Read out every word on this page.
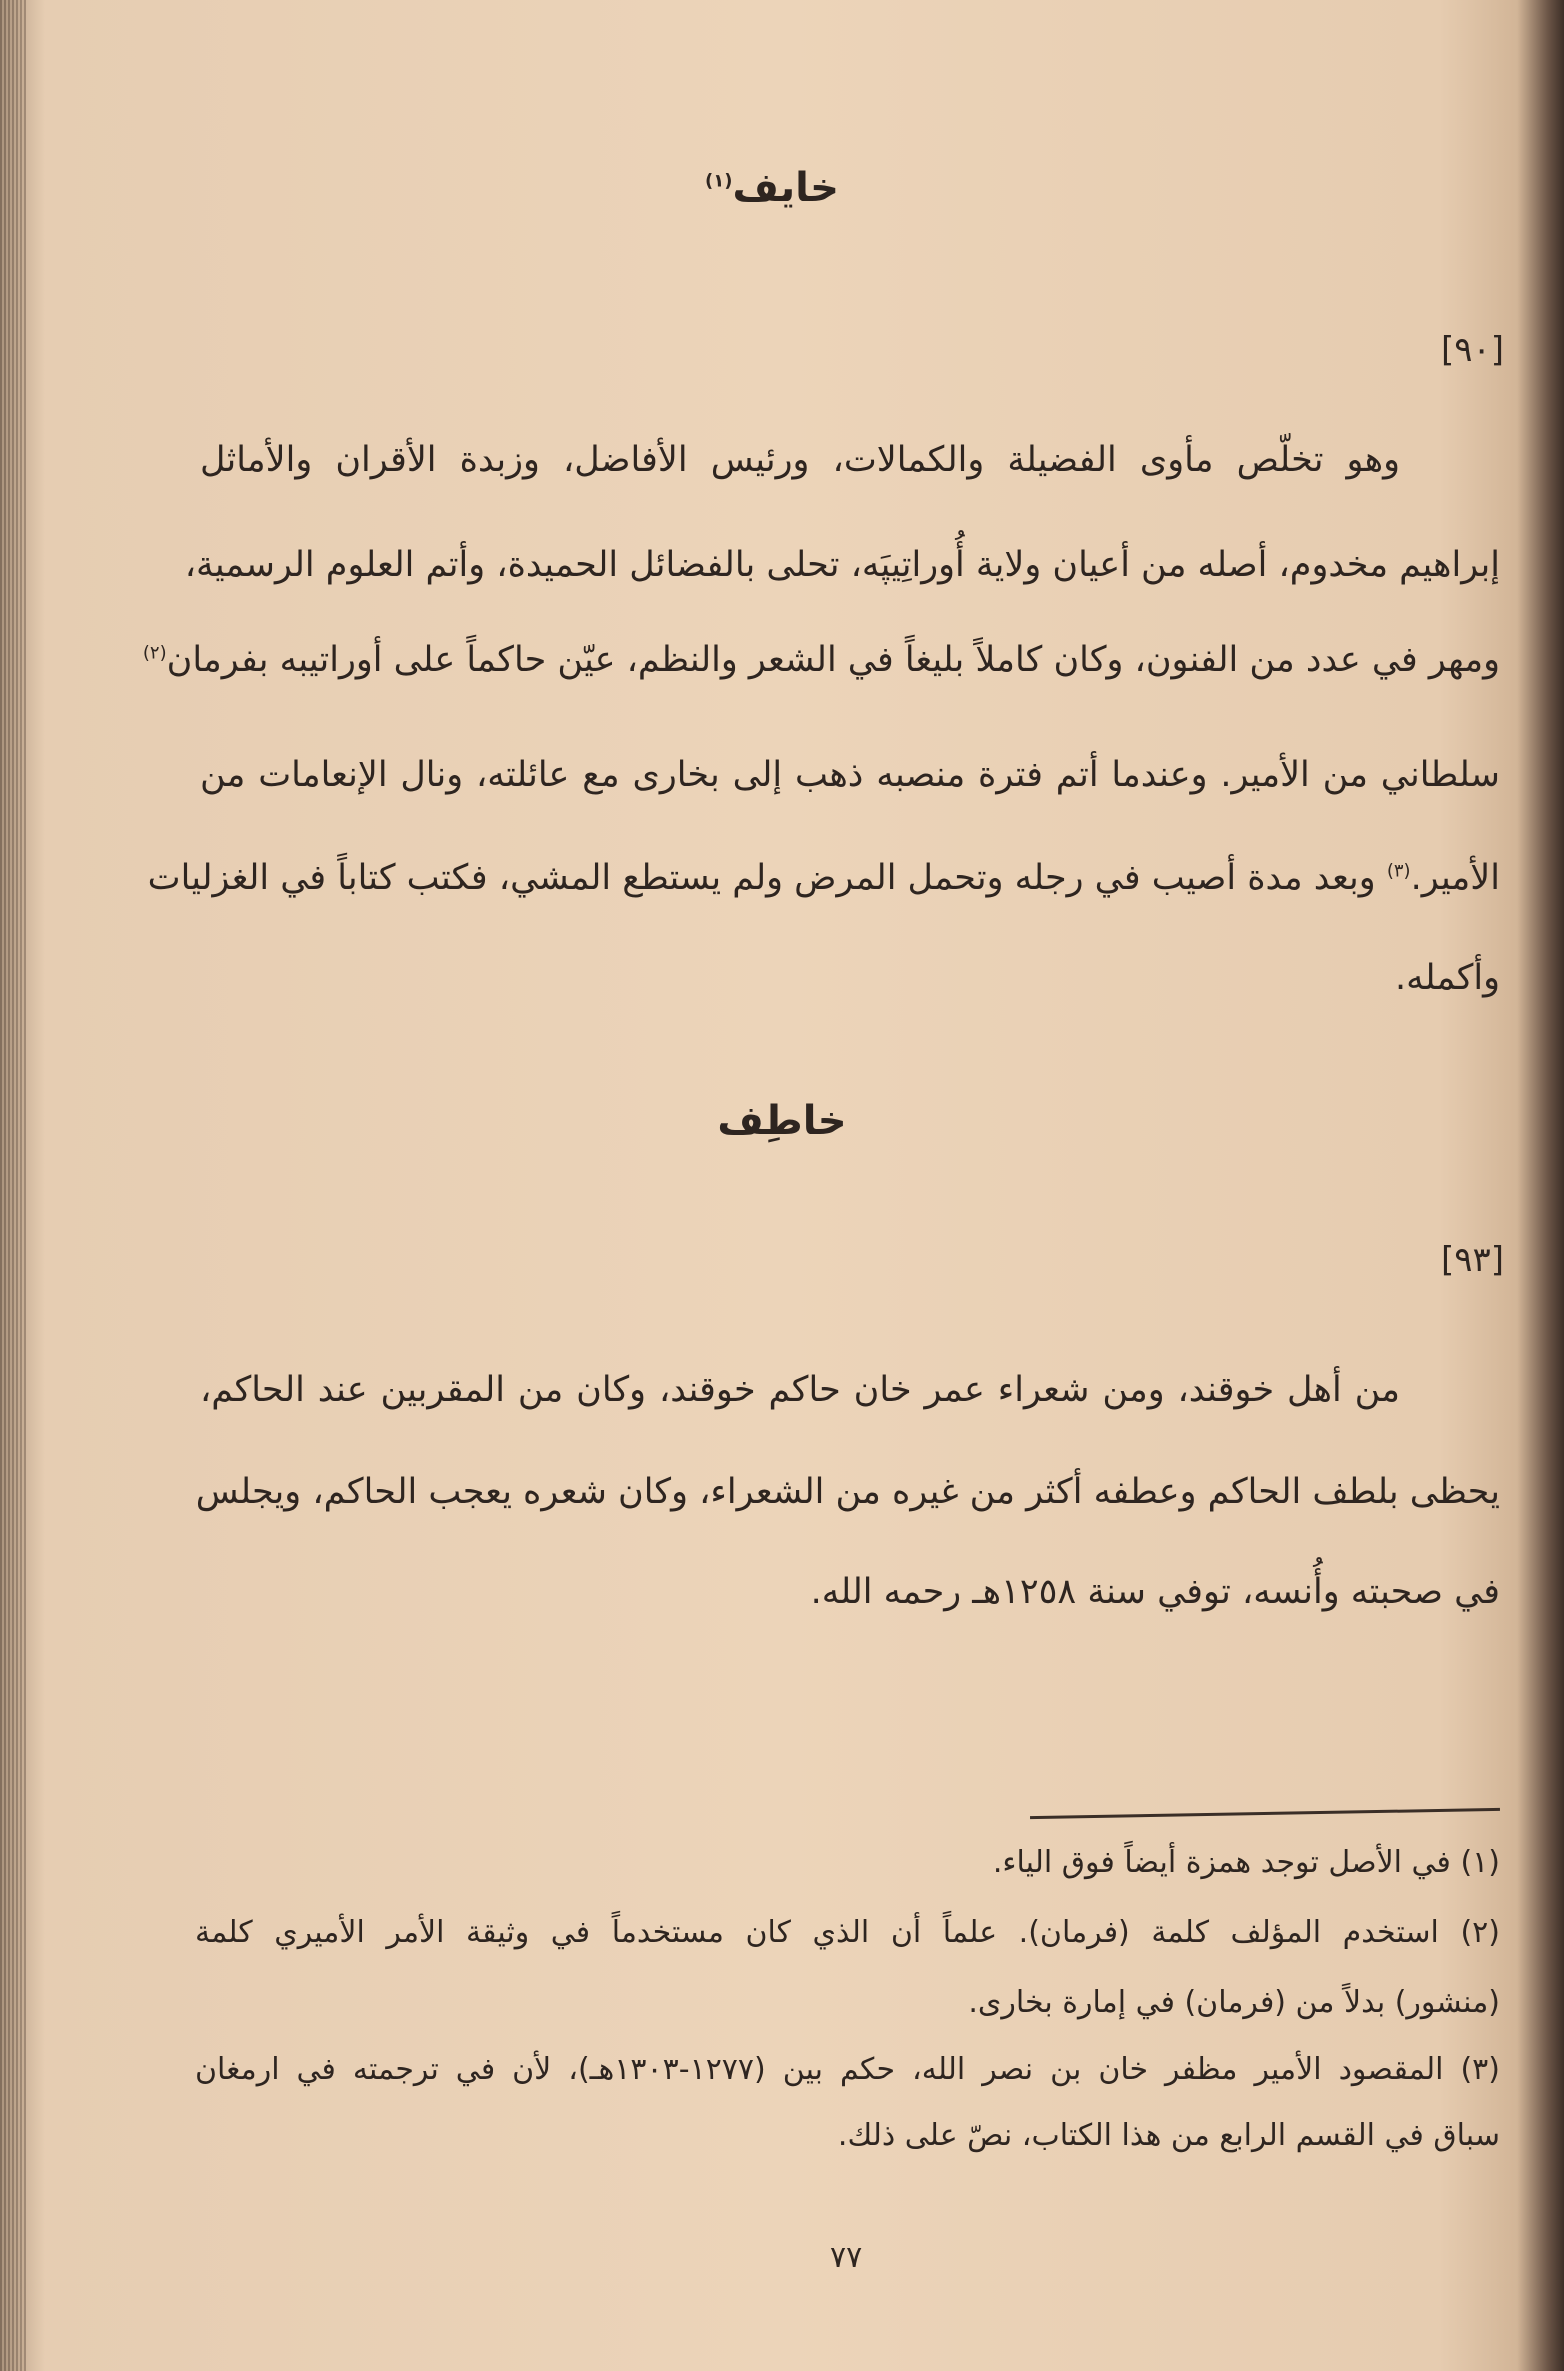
خايف$^{(١)}$
[٩٠]
وهو تخلّص مأوى الفضيلة والكمالات، ورئيس الأفاضل، وزبدة الأقران والأماثل
إبراهيم مخدوم، أصله من أعيان ولاية أُوراتِيپَه، تحلى بالفضائل الحميدة، وأتم العلوم الرسمية،
ومهر في عدد من الفنون، وكان كاملاً بليغاً في الشعر والنظم، عيّن حاكماً على أوراتيبه بفرمان$^{(٢)}$
سلطاني من الأمير. وعندما أتم فترة منصبه ذهب إلى بخارى مع عائلته، ونال الإنعامات من
الأمير.$^{(٣)}$ وبعد مدة أصيب في رجله وتحمل المرض ولم يستطع المشي، فكتب كتاباً في الغزليات
وأكمله.
خاطِف
[٩٣]
من أهل خوقند، ومن شعراء عمر خان حاكم خوقند، وكان من المقربين عند الحاكم،
يحظى بلطف الحاكم وعطفه أكثر من غيره من الشعراء، وكان شعره يعجب الحاكم، ويجلس
في صحبته وأُنسه، توفي سنة ١٢٥٨هـ رحمه الله.
(١) في الأصل توجد همزة أيضاً فوق الياء.
(٢) استخدم المؤلف كلمة (فرمان). علماً أن الذي كان مستخدماً في وثيقة الأمر الأميري كلمة
(منشور) بدلاً من (فرمان) في إمارة بخارى.
(٣) المقصود الأمير مظفر خان بن نصر الله، حكم بين (١٢٧٧-١٣٠٣هـ)، لأن في ترجمته في ارمغان
سباق في القسم الرابع من هذا الكتاب، نصّ على ذلك.
٧٧
